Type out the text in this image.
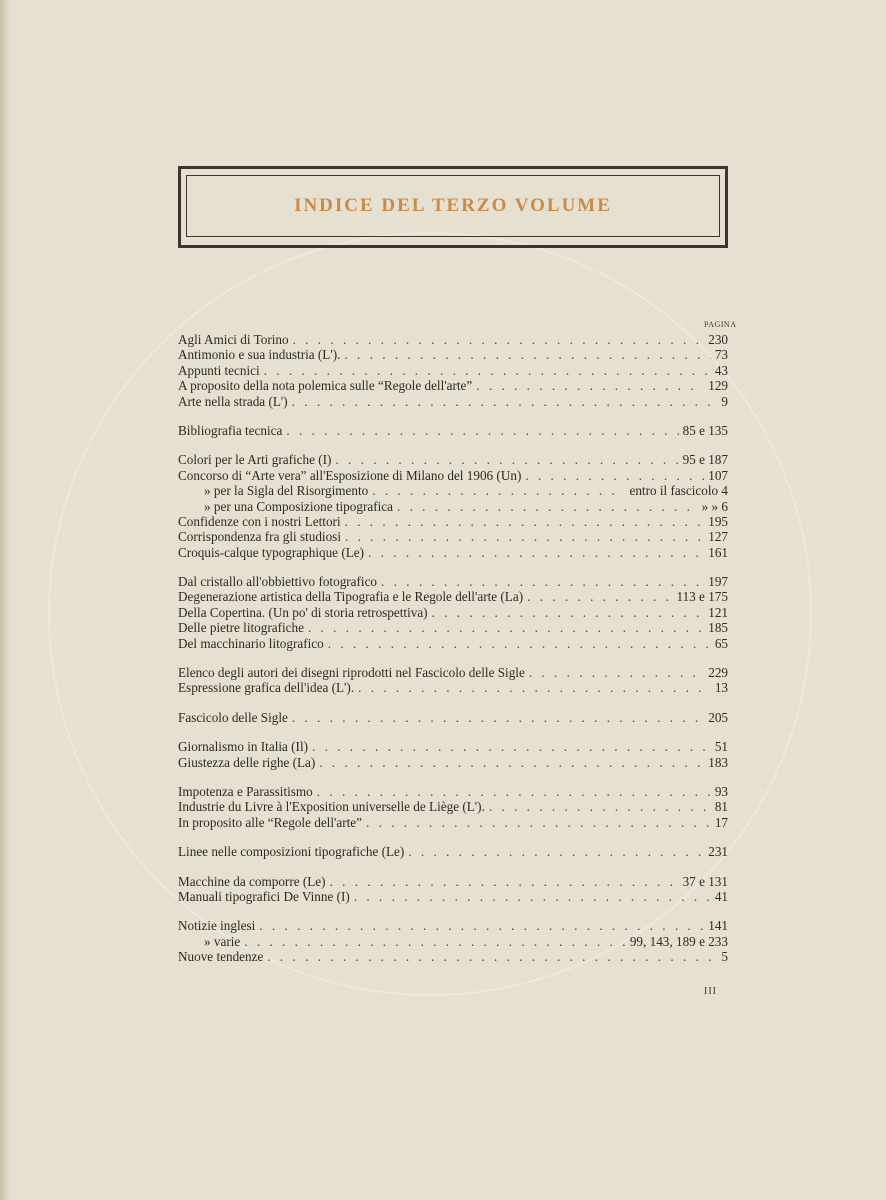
INDICE DEL TERZO VOLUME
PAGINA
Agli Amici di Torino . . .	230
Antimonio e sua industria (L'). . . .	73
Appunti tecnici . . .	43
A proposito della nota polemica sulle “Regole dell'arte” . . .	129
Arte nella strada (L') . . .	9
Bibliografia tecnica . . .	85 e 135
Colori per le Arti grafiche (I) . . .	95 e 187
Concorso di “Arte vera” all'Esposizione di Milano del 1906 (Un) . . .	107
» per la Sigla del Risorgimento . . .	entro il fascicolo 4
» per una Composizione tipografica . . .	» » 6
Confidenze con i nostri Lettori . . .	195
Corrispondenza fra gli studiosi . . .	127
Croquis-calque typographique (Le) . . .	161
Dal cristallo all'obbiettivo fotografico . . .	197
Degenerazione artistica della Tipografia e le Regole dell'arte (La) . . .	113 e 175
Della Copertina. (Un po' di storia retrospettiva) . . .	121
Delle pietre litografiche . . .	185
Del macchinario litografico . . .	65
Elenco degli autori dei disegni riprodotti nel Fascicolo delle Sigle . . .	229
Espressione grafica dell'idea (L'). . . .	13
Fascicolo delle Sigle . . .	205
Giornalismo in Italia (Il) . . .	51
Giustezza delle righe (La) . . .	183
Impotenza e Parassitismo . . .	93
Industrie du Livre à l'Exposition universelle de Liège (L'). . . .	81
In proposito alle “Regole dell'arte” . . .	17
Linee nelle composizioni tipografiche (Le) . . .	231
Macchine da comporre (Le) . . .	37 e 131
Manuali tipografici De Vinne (I) . . .	41
Notizie inglesi . . .	141
» varie . . .	99, 143, 189 e 233
Nuove tendenze . . .	5
III
